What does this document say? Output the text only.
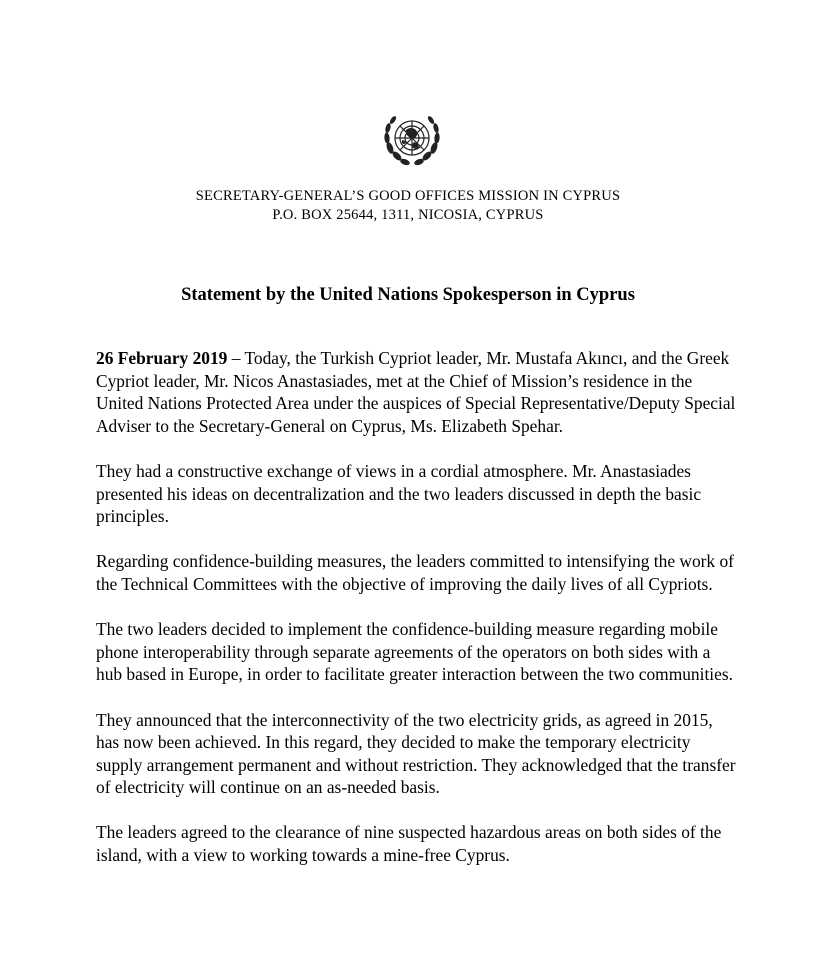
SECRETARY-GENERAL’S GOOD OFFICES MISSION IN CYPRUS
P.O. BOX 25644, 1311, NICOSIA, CYPRUS
Statement by the United Nations Spokesperson in Cyprus

26 February 2019 – Today, the Turkish Cypriot leader, Mr. Mustafa Akıncı, and the Greek Cypriot leader, Mr. Nicos Anastasiades, met at the Chief of Mission’s residence in the United Nations Protected Area under the auspices of Special Representative/Deputy Special Adviser to the Secretary-General on Cyprus, Ms. Elizabeth Spehar.

They had a constructive exchange of views in a cordial atmosphere. Mr. Anastasiades presented his ideas on decentralization and the two leaders discussed in depth the basic principles.

Regarding confidence-building measures, the leaders committed to intensifying the work of the Technical Committees with the objective of improving the daily lives of all Cypriots.

The two leaders decided to implement the confidence-building measure regarding mobile phone interoperability through separate agreements of the operators on both sides with a hub based in Europe, in order to facilitate greater interaction between the two communities.

They announced that the interconnectivity of the two electricity grids, as agreed in 2015, has now been achieved. In this regard, they decided to make the temporary electricity supply arrangement permanent and without restriction. They acknowledged that the transfer of electricity will continue on an as-needed basis.

The leaders agreed to the clearance of nine suspected hazardous areas on both sides of the island, with a view to working towards a mine-free Cyprus.
